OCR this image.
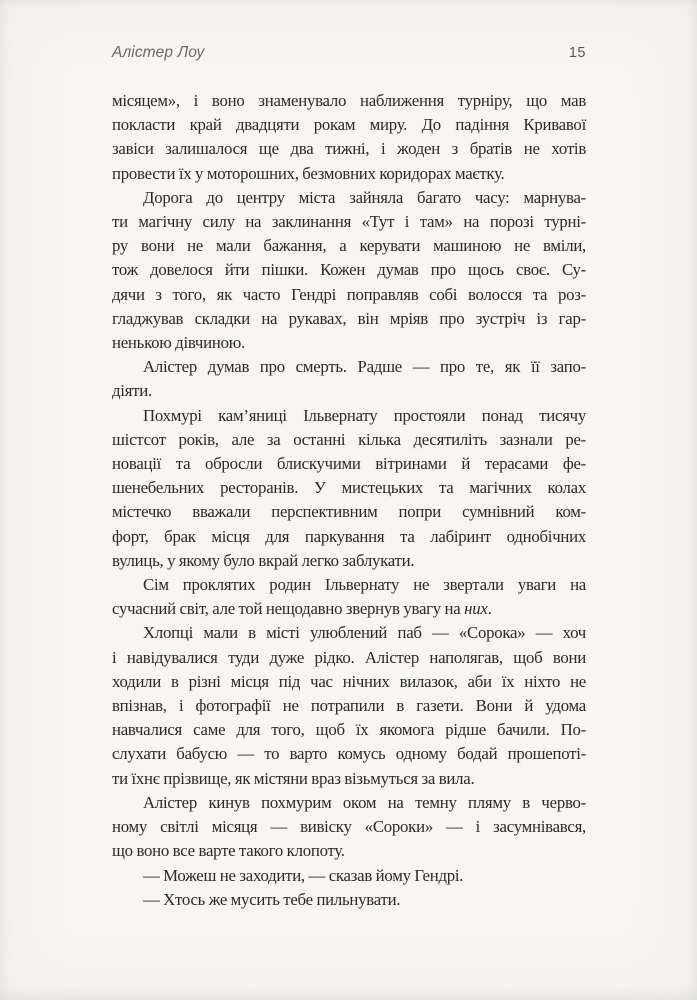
Алістер Лоу	15
місяцем», і воно знаменувало наближення турніру, що мав
покласти край двадцяти рокам миру. До падіння Кривавої
завіси залишалося ще два тижні, і жоден з братів не хотів
провести їх у моторошних, безмовних коридорах маєтку.
Дорога до центру міста зайняла багато часу: марнува-
ти магічну силу на заклинання «Тут і там» на порозі турні-
ру вони не мали бажання, а керувати машиною не вміли,
тож довелося йти пішки. Кожен думав про щось своє. Су-
дячи з того, як часто Гендрі поправляв собі волосся та роз-
гладжував складки на рукавах, він мріяв про зустріч із гар-
ненькою дівчиною.
Алістер думав про смерть. Радше — про те, як її запо-
діяти.
Похмурі кам’яниці Ільвернату простояли понад тисячу
шістсот років, але за останні кілька десятиліть зазнали ре-
новації та обросли блискучими вітринами й терасами фе-
шенебельних ресторанів. У мистецьких та магічних колах
містечко вважали перспективним попри сумнівний ком-
форт, брак місця для паркування та лабіринт однобічних
вулиць, у якому було вкрай легко заблукати.
Сім проклятих родин Ільвернату не звертали уваги на
сучасний світ, але той нещодавно звернув увагу на них.
Хлопці мали в місті улюблений паб — «Сорока» — хоч
і навідувалися туди дуже рідко. Алістер наполягав, щоб вони
ходили в різні місця під час нічних вилазок, аби їх ніхто не
впізнав, і фотографії не потрапили в газети. Вони й удома
навчалися саме для того, щоб їх якомога рідше бачили. По-
слухати бабусю — то варто комусь одному бодай прошепоті-
ти їхнє прізвище, як містяни враз візьмуться за вила.
Алістер кинув похмурим оком на темну пляму в черво-
ному світлі місяця — вивіску «Сороки» — і засумнівався,
що воно все варте такого клопоту.
— Можеш не заходити, — сказав йому Гендрі.
— Хтось же мусить тебе пильнувати.
